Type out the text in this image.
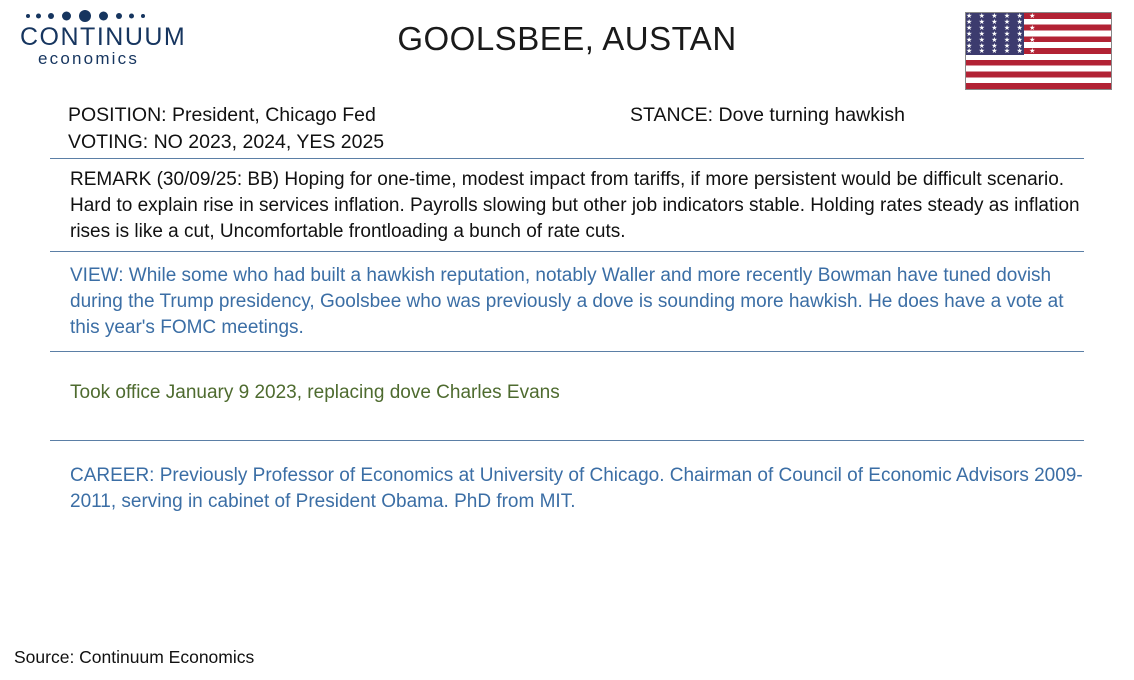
CONTINUUM
economics
GOOLSBEE, AUSTAN
★ ★ ★ ★ ★ ★
★ ★ ★ ★ ★
★ ★ ★ ★ ★ ★
★ ★ ★ ★ ★
★ ★ ★ ★ ★ ★
★ ★ ★ ★ ★
★ ★ ★ ★ ★ ★
POSITION: President, Chicago Fed
VOTING: NO 2023, 2024, YES 2025
STANCE: Dove turning hawkish
REMARK (30/09/25: BB) Hoping for one-time, modest impact from tariffs, if more persistent would be difficult scenario. Hard to explain rise in services inflation. Payrolls slowing but other job indicators stable. Holding rates steady as inflation rises is like a cut, Uncomfortable frontloading a bunch of rate cuts.
VIEW: While some who had built a hawkish reputation, notably Waller and more recently Bowman have tuned dovish during the Trump presidency, Goolsbee who was previously a dove is sounding more hawkish. He does have a vote at this year's FOMC meetings.
Took office January 9 2023, replacing dove Charles Evans
CAREER: Previously Professor of Economics at University of Chicago. Chairman of Council of Economic Advisors 2009-2011, serving in cabinet of President Obama. PhD from MIT.
Source: Continuum Economics
